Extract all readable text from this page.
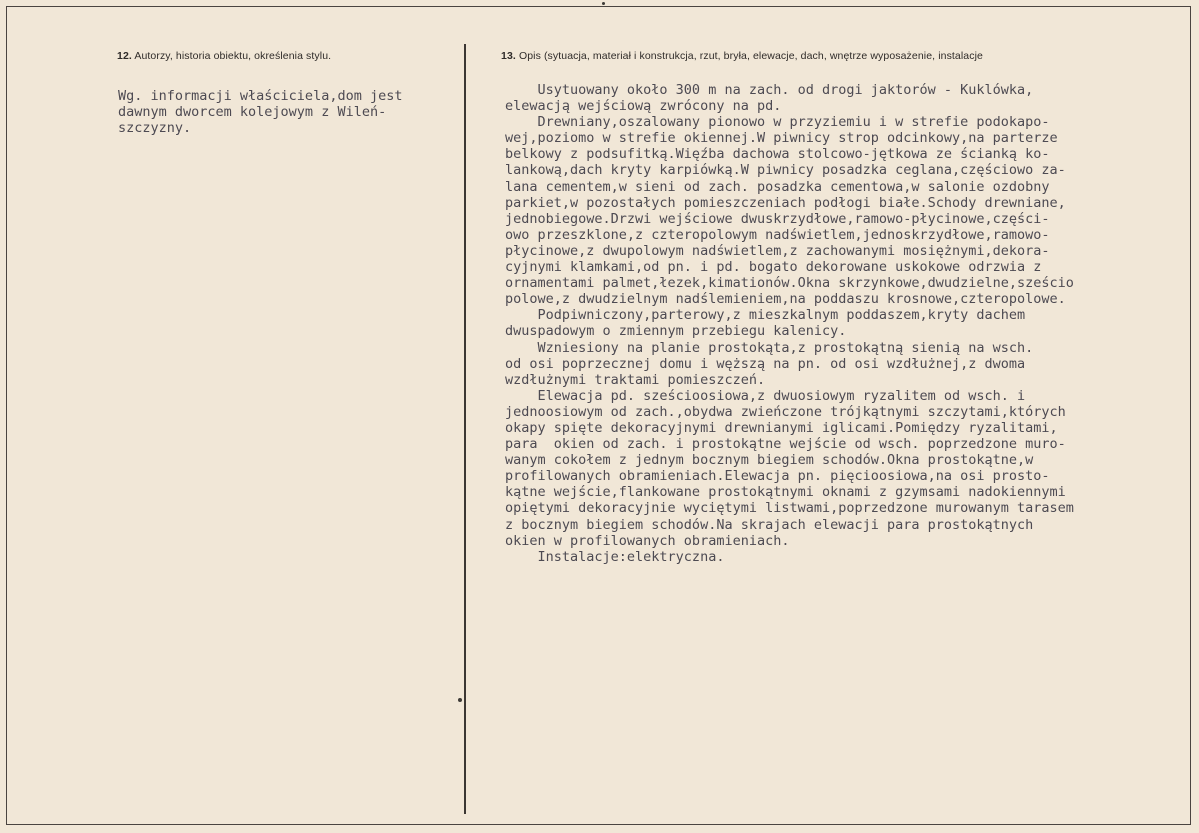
12. Autorzy, historia obiektu, określenia stylu.	13. Opis (sytuacja, materiał i konstrukcja, rzut, bryła, elewacje, dach, wnętrze wyposażenie, instalacje
Wg. informacji właściciela,dom jest
dawnym dworcem kolejowym z Wileń-
szczyzny.
Usytuowany około 300 m na zach. od drogi jaktorów - Kuklówka,
elewacją wejściową zwrócony na pd.
Drewniany,oszalowany pionowo w przyziemiu i w strefie podokapo-
wej,poziomo w strefie okiennej.W piwnicy strop odcinkowy,na parterze
belkowy z podsufitką.Więźba dachowa stolcowo-jętkowa ze ścianką ko-
lankową,dach kryty karpiówką.W piwnicy posadzka ceglana,częściowo za-
lana cementem,w sieni od zach. posadzka cementowa,w salonie ozdobny
parkiet,w pozostałych pomieszczeniach podłogi białe.Schody drewniane,
jednobiegowe.Drzwi wejściowe dwuskrzydłowe,ramowo-płycinowe,części-
owo przeszklone,z czteropolowym nadświetlem,jednoskrzydłowe,ramowo-
płycinowe,z dwupolowym nadświetlem,z zachowanymi mosiężnymi,dekora-
cyjnymi klamkami,od pn. i pd. bogato dekorowane uskokowe odrzwia z
ornamentami palmet,łezek,kimationów.Okna skrzynkowe,dwudzielne,sześcio
polowe,z dwudzielnym nadślemieniem,na poddaszu krosnowe,czteropolowe.
Podpiwniczony,parterowy,z mieszkalnym poddaszem,kryty dachem
dwuspadowym o zmiennym przebiegu kalenicy.
Wzniesiony na planie prostokąta,z prostokątną sienią na wsch.
od osi poprzecznej domu i węższą na pn. od osi wzdłużnej,z dwoma
wzdłużnymi traktami pomieszczeń.
Elewacja pd. sześcioosiowa,z dwuosiowym ryzalitem od wsch. i
jednoosiowym od zach.,obydwa zwieńczone trójkątnymi szczytami,których
okapy spięte dekoracyjnymi drewnianymi iglicami.Pomiędzy ryzalitami,
para  okien od zach. i prostokątne wejście od wsch. poprzedzone muro-
wanym cokołem z jednym bocznym biegiem schodów.Okna prostokątne,w
profilowanych obramieniach.Elewacja pn. pięcioosiowa,na osi prosto-
kątne wejście,flankowane prostokątnymi oknami z gzymsami nadokiennymi
opiętymi dekoracyjnie wyciętymi listwami,poprzedzone murowanym tarasem
z bocznym biegiem schodów.Na skrajach elewacji para prostokątnych
okien w profilowanych obramieniach.
Instalacje:elektryczna.
